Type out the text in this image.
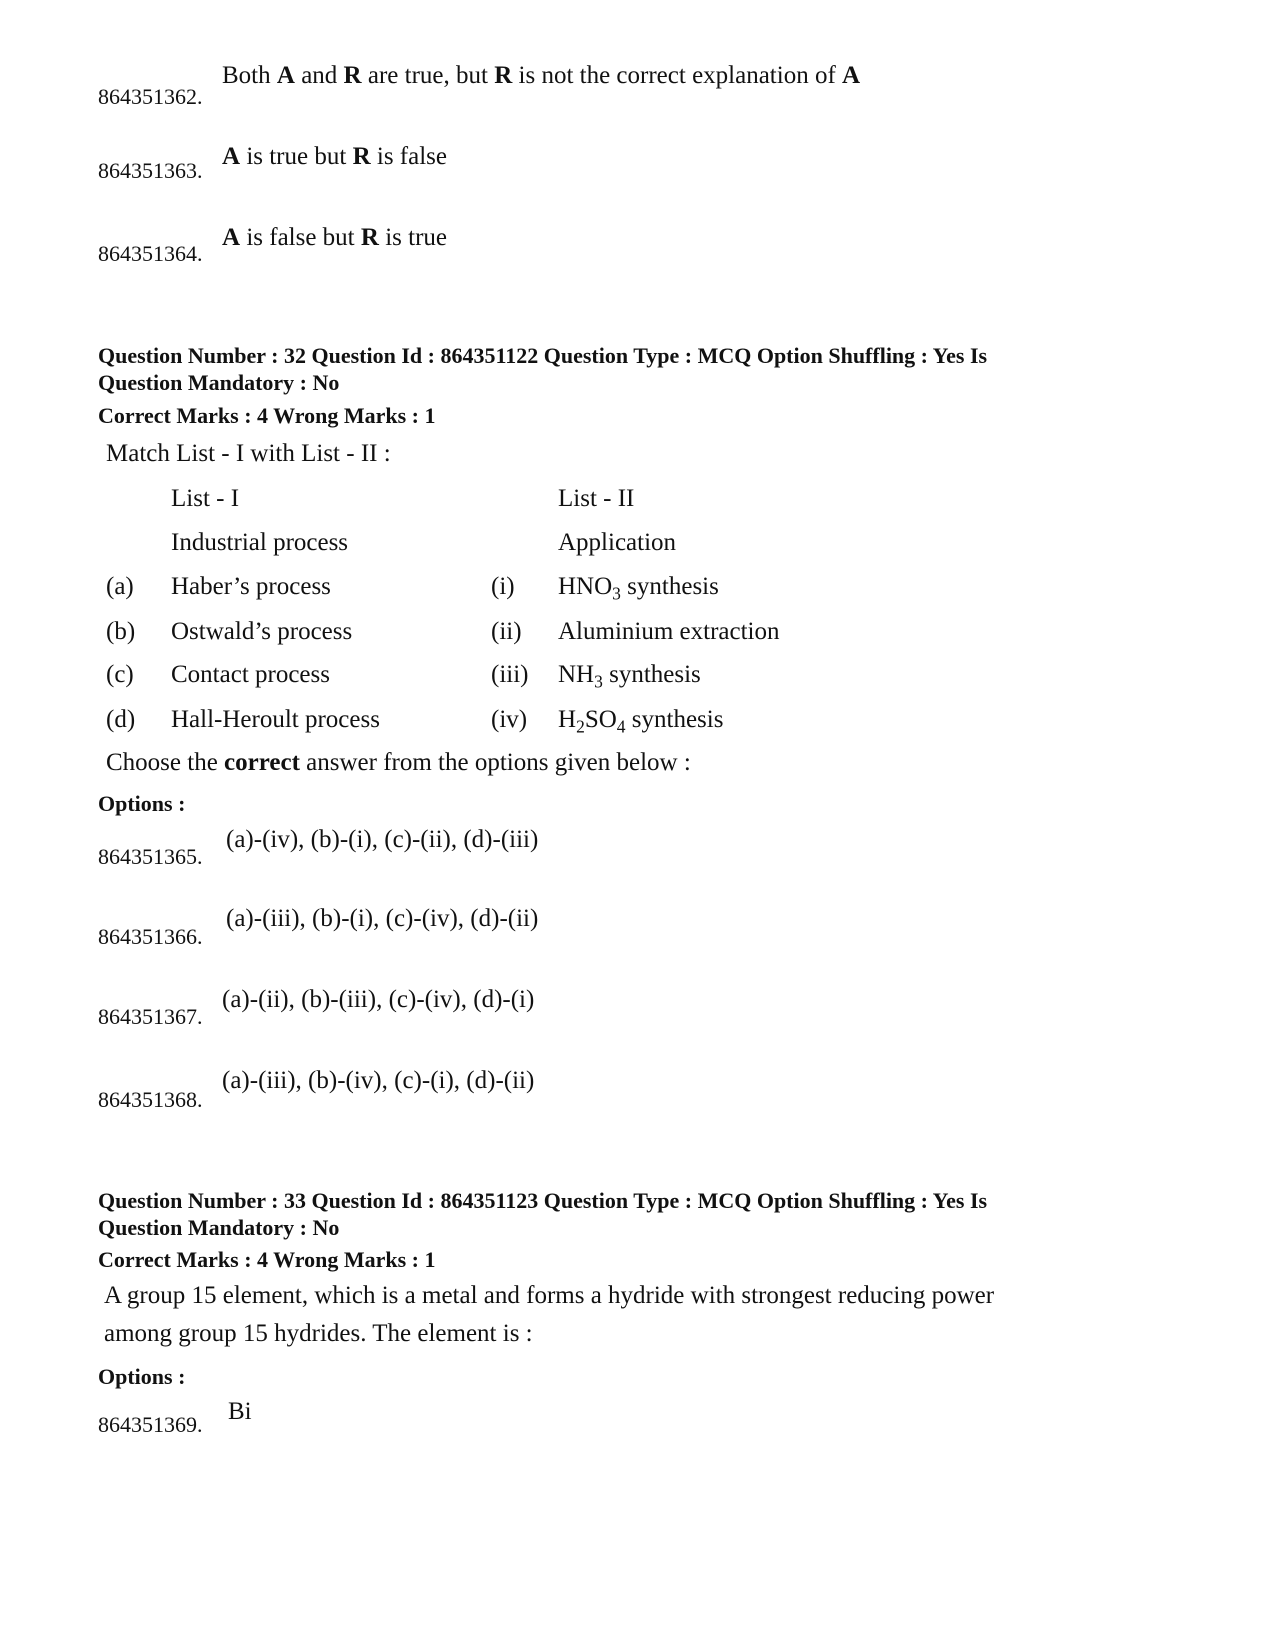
864351362.
Both A and R are true, but R is not the correct explanation of A
864351363.
A is true but R is false
864351364.
A is false but R is true
Question Number : 32 Question Id : 864351122 Question Type : MCQ Option Shuffling : Yes Is
Question Mandatory : No
Correct Marks : 4 Wrong Marks : 1
Match List - I with List - II :
List - I	List - II
Industrial process	Application
(a) Haber’s process	(i) $HNO_3$ synthesis
(b) Ostwald’s process	(ii) Aluminium extraction
(c) Contact process	(iii) $NH_3$ synthesis
(d) Hall-Heroult process	(iv) $H_2SO_4$ synthesis
Choose the correct answer from the options given below :
Options :
864351365.
(a)-(iv), (b)-(i), (c)-(ii), (d)-(iii)
864351366.
(a)-(iii), (b)-(i), (c)-(iv), (d)-(ii)
864351367.
(a)-(ii), (b)-(iii), (c)-(iv), (d)-(i)
864351368.
(a)-(iii), (b)-(iv), (c)-(i), (d)-(ii)
Question Number : 33 Question Id : 864351123 Question Type : MCQ Option Shuffling : Yes Is
Question Mandatory : No
Correct Marks : 4 Wrong Marks : 1
A group 15 element, which is a metal and forms a hydride with strongest reducing power
among group 15 hydrides. The element is :
Options :
864351369. Bi
